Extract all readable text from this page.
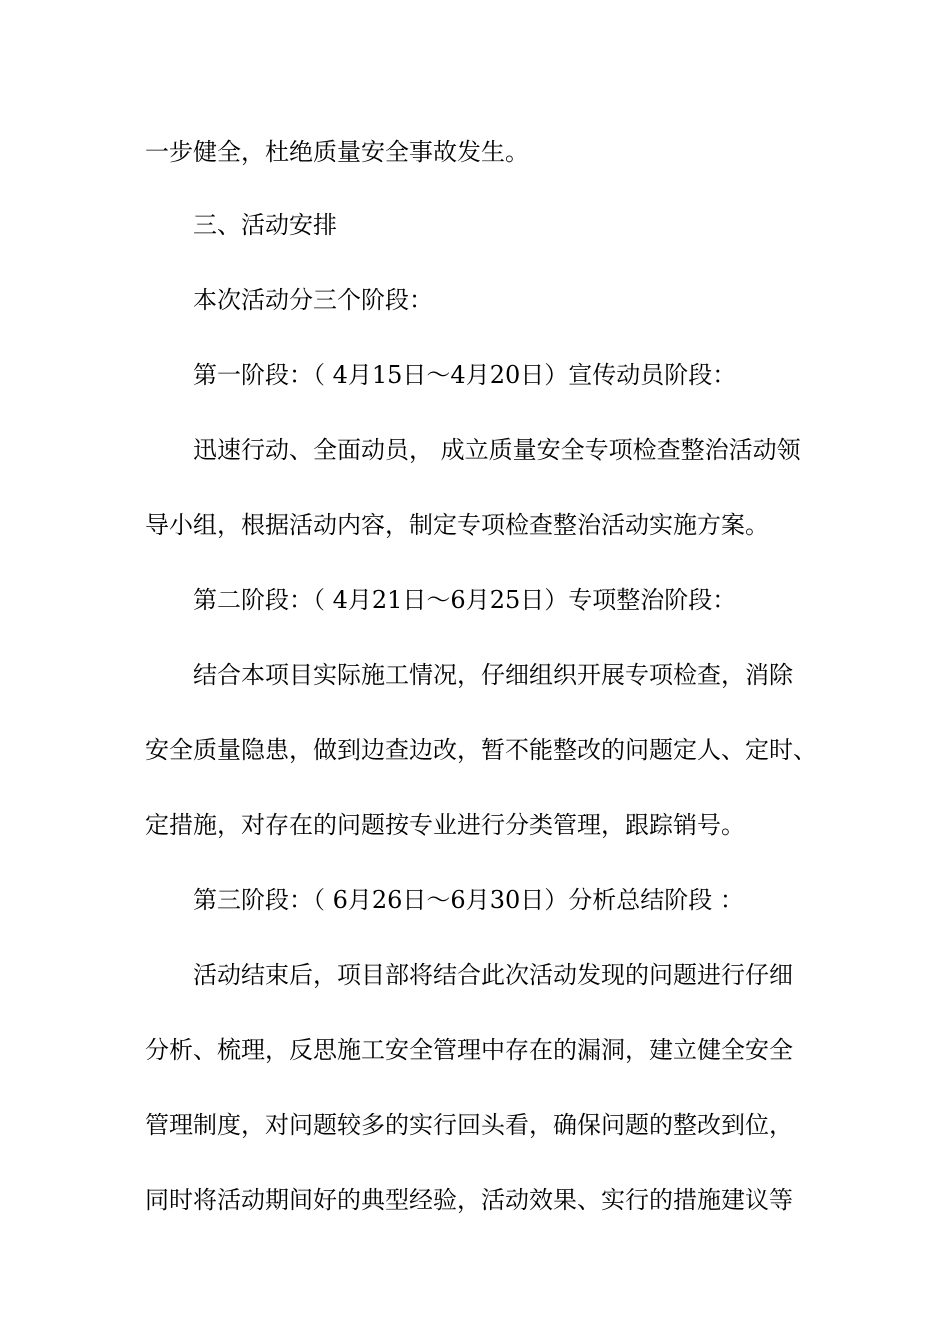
一步健全，杜绝质量安全事故发生。
三、活动安排
本次活动分三个阶段：
第一阶段：（ 4月15日～4月20日）宣传动员阶段：
迅速行动、全面动员， 成立质量安全专项检查整治活动领
导小组，根据活动内容，制定专项检查整治活动实施方案。
第二阶段：（ 4月21日～6月25日）专项整治阶段：
结合本项目实际施工情况，仔细组织开展专项检查，消除
安全质量隐患，做到边查边改，暂不能整改的问题定人、定时、
定措施，对存在的问题按专业进行分类管理，跟踪销号。
第三阶段：（ 6月26日～6月30日）分析总结阶段 ：
活动结束后，项目部将结合此次活动发现的问题进行仔细
分析、梳理，反思施工安全管理中存在的漏洞，建立健全安全
管理制度，对问题较多的实行回头看，确保问题的整改到位，
同时将活动期间好的典型经验，活动效果、实行的措施建议等
